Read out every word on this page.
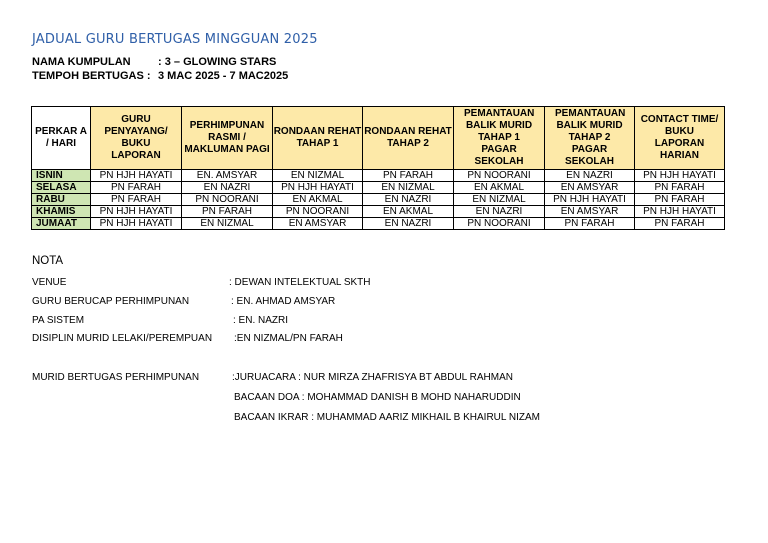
JADUAL GURU BERTUGAS MINGGUAN 2025
NAMA KUMPULAN : 3 – GLOWING STARS
TEMPOH BERTUGAS : 3 MAC 2025 - 7 MAC2025
PERKAR A / HARI	GURU PENYAYANG/ BUKU LAPORAN	PERHIMPUNAN RASMI / MAKLUMAN PAGI	RONDAAN REHAT TAHAP 1	RONDAAN REHAT TAHAP 2	PEMANTAUAN BALIK MURID TAHAP 1 PAGAR SEKOLAH	PEMANTAUAN BALIK MURID TAHAP 2 PAGAR SEKOLAH	CONTACT TIME/ BUKU LAPORAN HARIAN
ISNIN	PN HJH HAYATI	EN. AMSYAR	EN NIZMAL	PN FARAH	PN NOORANI	EN NAZRI	PN HJH HAYATI
SELASA	PN FARAH	EN NAZRI	PN HJH HAYATI	EN NIZMAL	EN AKMAL	EN AMSYAR	PN FARAH
RABU	PN FARAH	PN NOORANI	EN AKMAL	EN NAZRI	EN NIZMAL	PN HJH HAYATI	PN FARAH
KHAMIS	PN HJH HAYATI	PN FARAH	PN NOORANI	EN AKMAL	EN NAZRI	EN AMSYAR	PN HJH HAYATI
JUMAAT	PN HJH HAYATI	EN NIZMAL	EN AMSYAR	EN NAZRI	PN NOORANI	PN FARAH	PN FARAH
NOTA
VENUE	: DEWAN INTELEKTUAL SKTH
GURU BERUCAP PERHIMPUNAN	: EN. AHMAD AMSYAR
PA SISTEM	: EN. NAZRI
DISIPLIN MURID LELAKI/PEREMPUAN :EN NIZMAL/PN FARAH
MURID BERTUGAS PERHIMPUNAN	:JURUACARA : NUR MIRZA ZHAFRISYA BT ABDUL RAHMAN
BACAAN DOA : MOHAMMAD DANISH B MOHD NAHARUDDIN
BACAAN IKRAR : MUHAMMAD AARIZ MIKHAIL B KHAIRUL NIZAM
